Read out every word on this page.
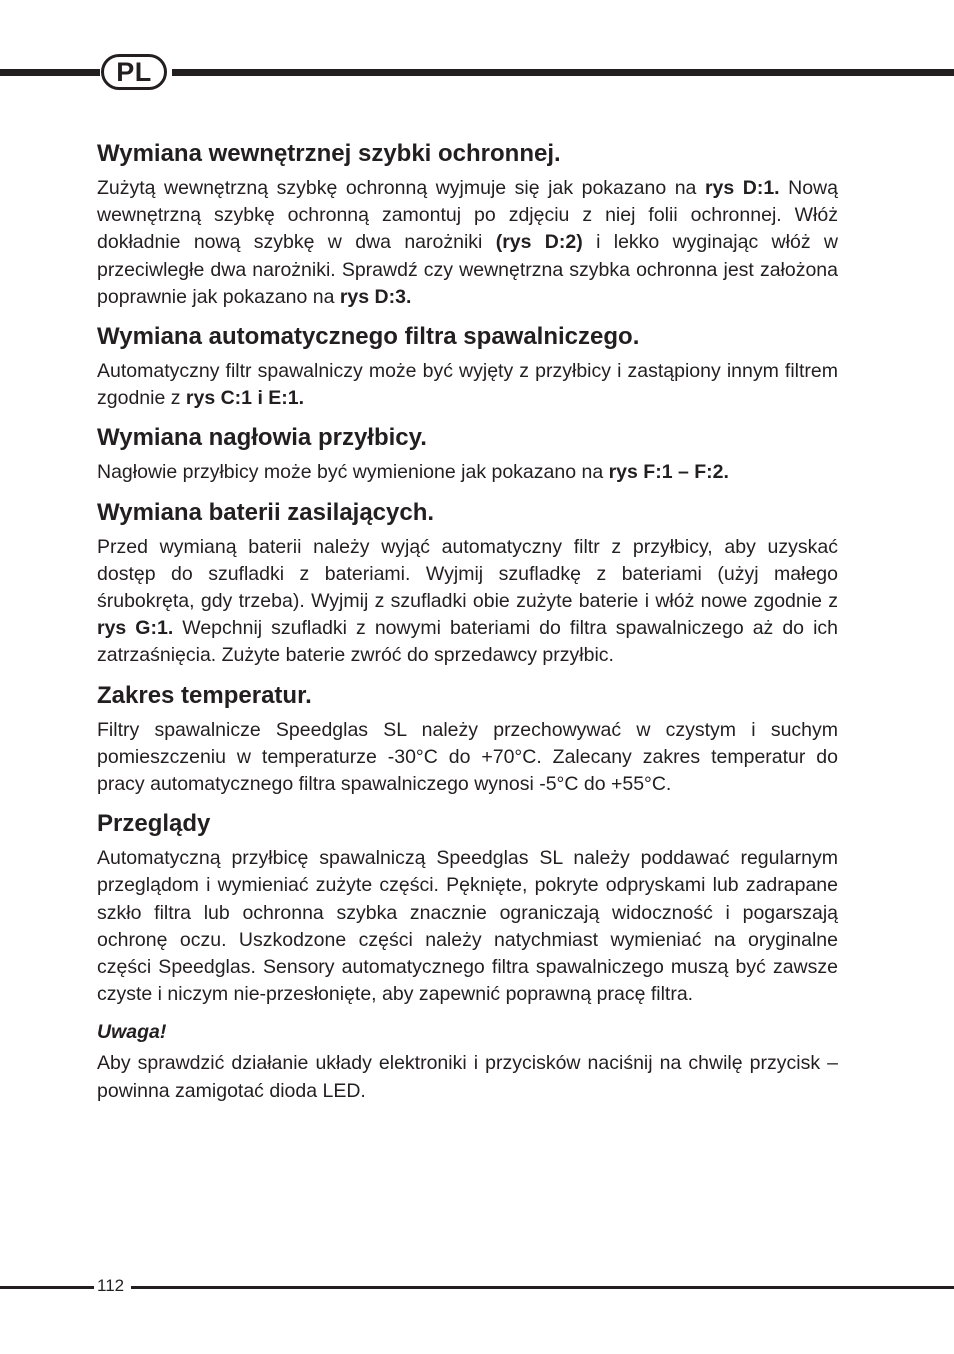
PL
Wymiana wewnętrznej szybki ochronnej.

Zużytą wewnętrzną szybkę ochronną wyjmuje się jak pokazano na rys D:1. Nową wewnętrzną szybkę ochronną zamontuj po zdjęciu z niej folii ochronnej. Włóż dokładnie nową szybkę w dwa narożniki (rys D:2) i lekko wyginając włóż w przeciwległe dwa narożniki. Sprawdź czy wewnętrzna szybka ochronna jest założona poprawnie jak pokazano na rys D:3.

Wymiana automatycznego filtra spawalniczego.

Automatyczny filtr spawalniczy może być wyjęty z przyłbicy i zastąpiony innym filtrem zgodnie z rys C:1 i E:1.

Wymiana nagłowia przyłbicy.

Nagłowie przyłbicy może być wymienione jak pokazano na rys F:1 – F:2.

Wymiana baterii zasilających.

Przed wymianą baterii należy wyjąć automatyczny filtr z przyłbicy, aby uzyskać dostęp do szufladki z bateriami. Wyjmij szufladkę z bateriami (użyj małego śrubokręta, gdy trzeba). Wyjmij z szufladki obie zużyte baterie i włóż nowe zgodnie z rys G:1. Wepchnij szufladki z nowymi bateriami do filtra spawalniczego aż do ich zatrzaśnięcia. Zużyte baterie zwróć do sprzedawcy przyłbic.

Zakres temperatur.

Filtry spawalnicze Speedglas SL należy przechowywać w czystym i suchym pomieszczeniu w temperaturze -30°C do +70°C. Zalecany zakres temperatur do pracy automatycznego filtra spawalniczego wynosi -5°C do +55°C.

Przeglądy

Automatyczną przyłbicę spawalniczą Speedglas SL należy poddawać regularnym przeglądom i wymieniać zużyte części. Pęknięte, pokryte odpryskami lub zadrapane szkło filtra lub ochronna szybka znacznie ograniczają widoczność i pogarszają ochronę oczu. Uszkodzone części należy natychmiast wymieniać na oryginalne części Speedglas. Sensory automatycznego filtra spawalniczego muszą być zawsze czyste i niczym nie-przesłonięte, aby zapewnić poprawną pracę filtra.

Uwaga!

Aby sprawdzić działanie układy elektroniki i przycisków naciśnij na chwilę przycisk – powinna zamigotać dioda LED.

112
